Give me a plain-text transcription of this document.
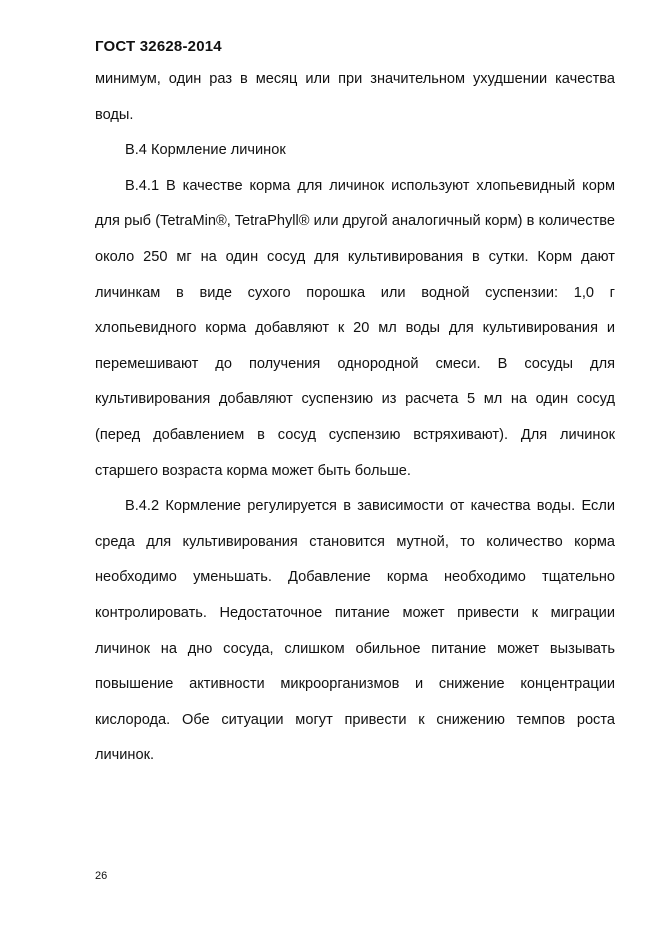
ГОСТ 32628-2014

минимум, один раз в месяц или при значительном ухудшении качества воды.

В.4 Кормление личинок

В.4.1 В качестве корма для личинок используют хлопьевидный корм для рыб (TetraMin®, TetraPhyll® или другой аналогичный корм) в количестве около 250 мг на один сосуд для культивирования в сутки. Корм дают личинкам в виде сухого порошка или водной суспензии: 1,0 г хлопьевидного корма добавляют к 20 мл воды для культивирования и перемешивают до получения однородной смеси. В сосуды для культивирования добавляют суспензию из расчета 5 мл на один сосуд (перед добавлением в сосуд суспензию встряхивают). Для личинок старшего возраста корма может быть больше.

В.4.2 Кормление регулируется в зависимости от качества воды. Если среда для культивирования становится мутной, то количество корма необходимо уменьшать. Добавление корма необходимо тщательно контролировать. Недостаточное питание может привести к миграции личинок на дно сосуда, слишком обильное питание может вызывать повышение активности микроорганизмов и снижение концентрации кислорода. Обе ситуации могут привести к снижению темпов роста личинок.

26
